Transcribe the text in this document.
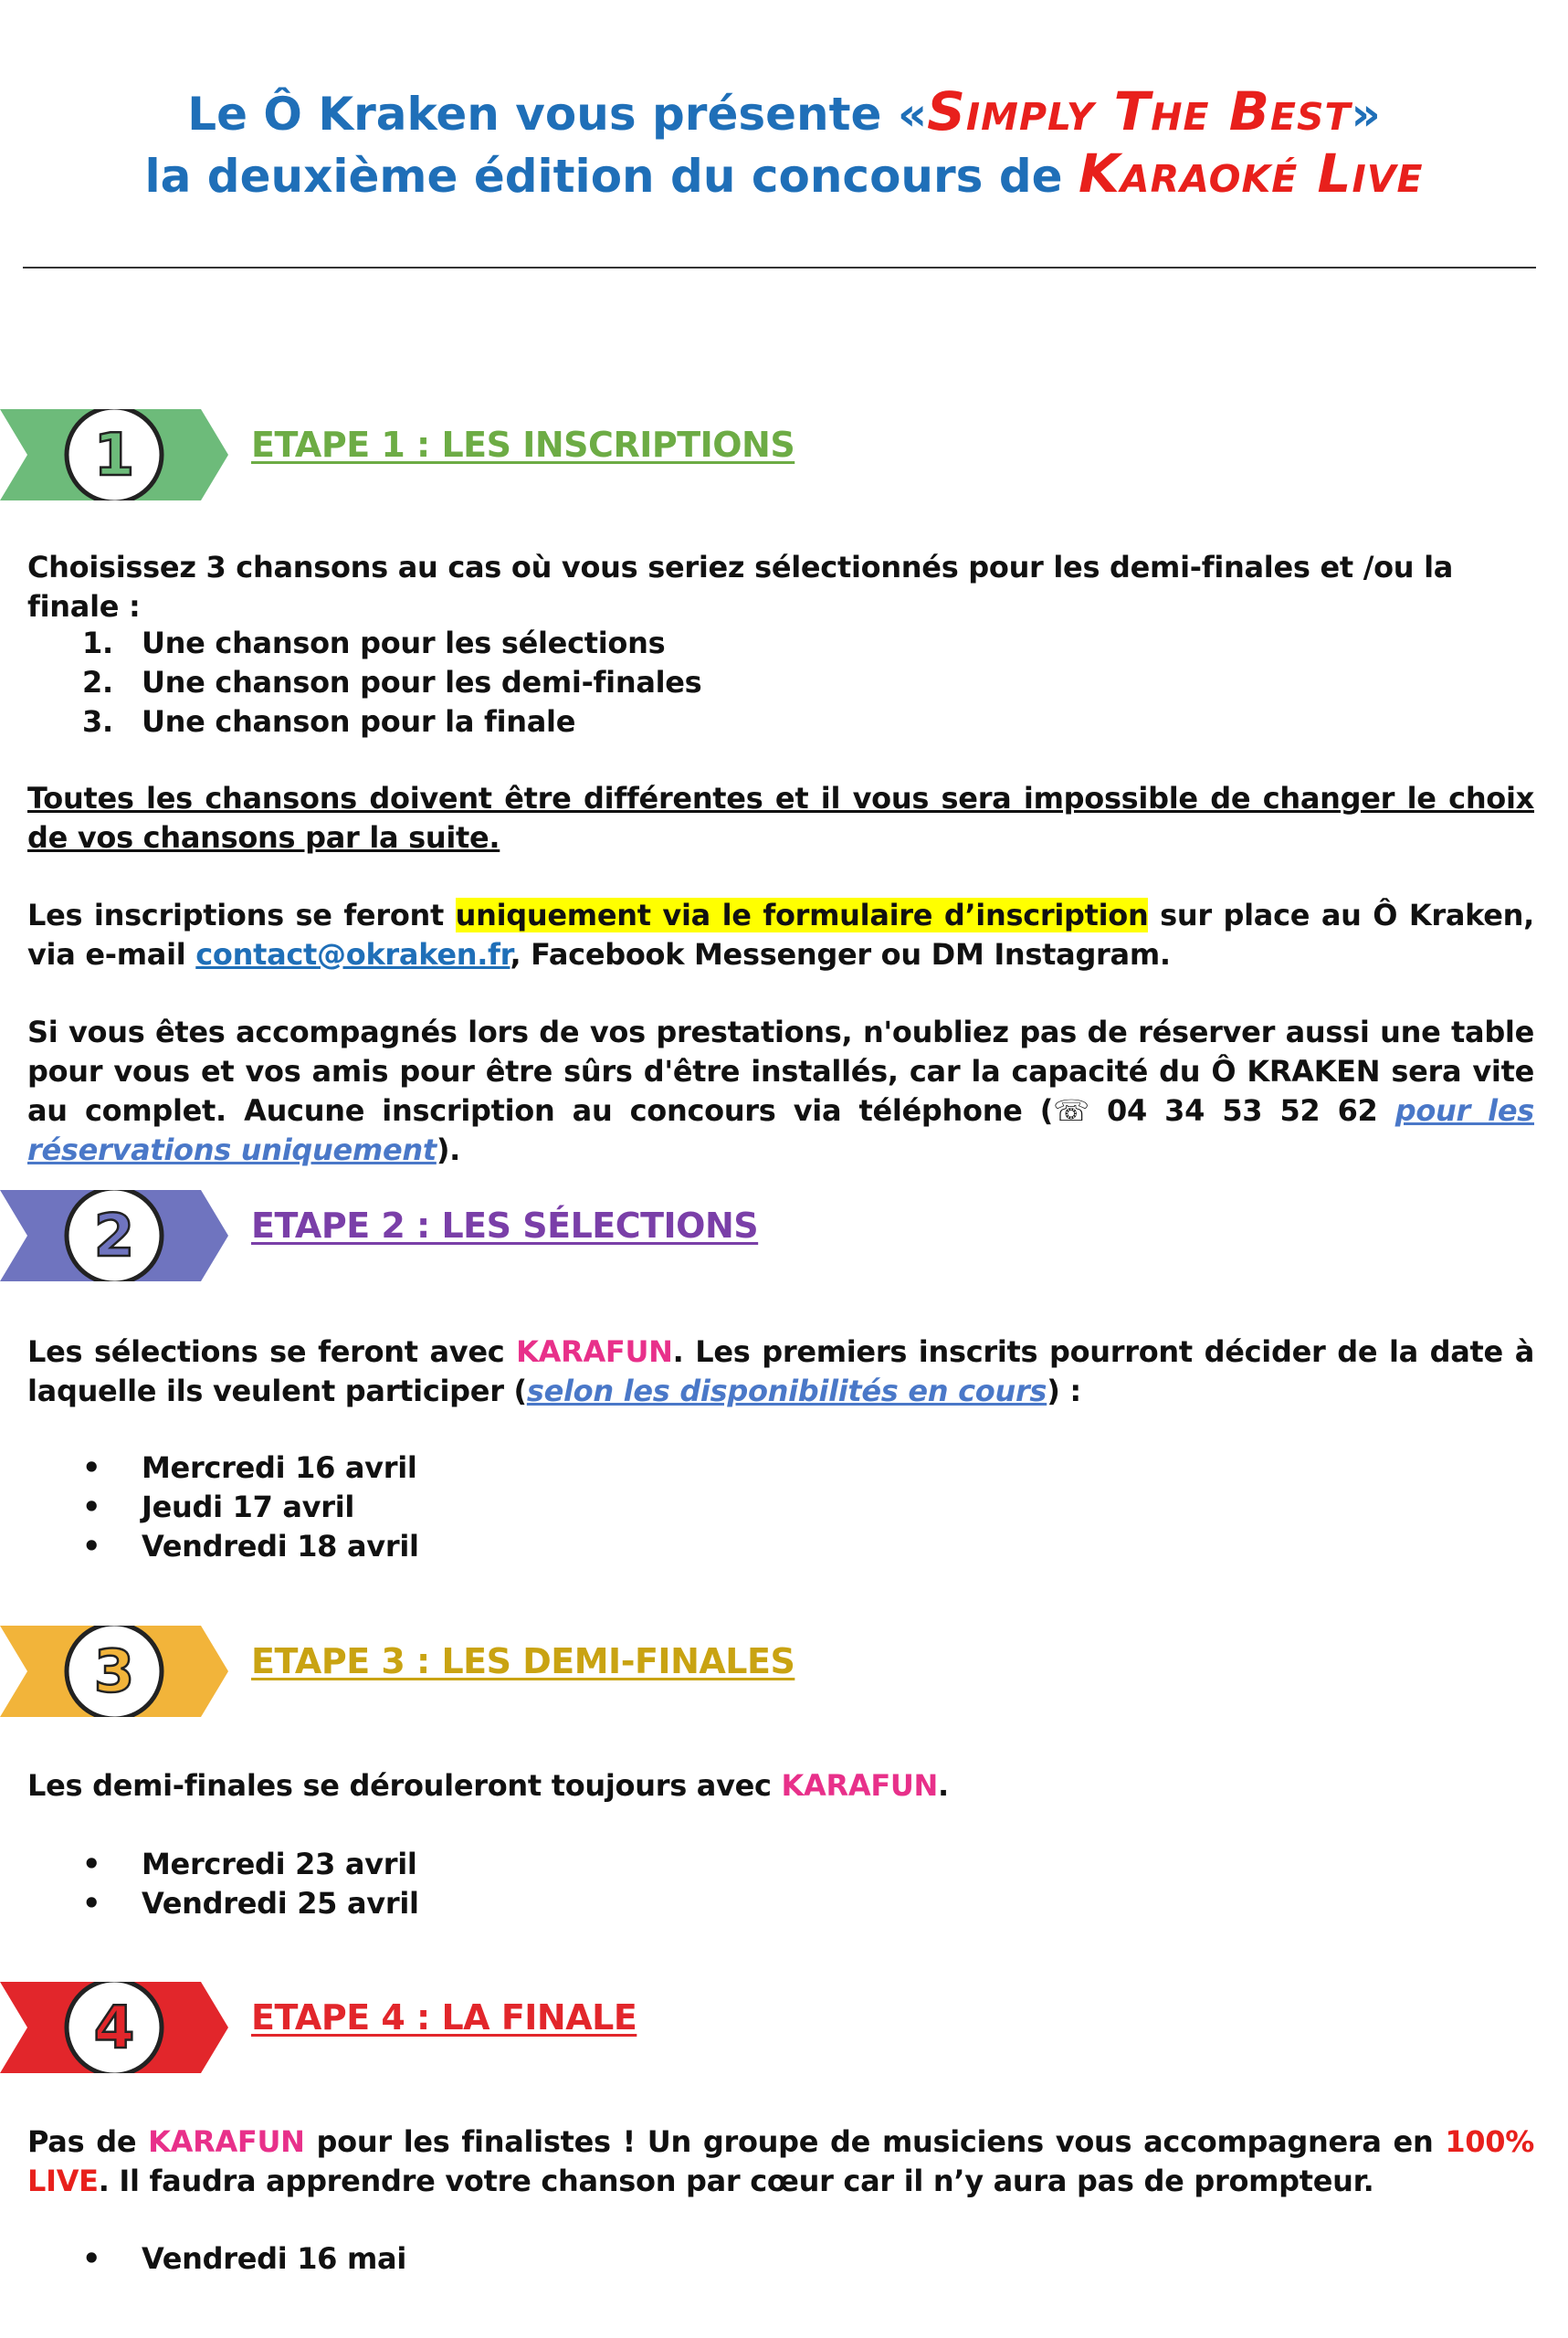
Le Ô Kraken vous présente «Simply The Best»
la deuxième édition du concours de Karaoké Live
1	ETAPE 1 : LES INSCRIPTIONS
Choisissez 3 chansons au cas où vous seriez sélectionnés pour les demi-finales et /ou la finale :
1. Une chanson pour les sélections
2. Une chanson pour les demi-finales
3. Une chanson pour la finale
Toutes les chansons doivent être différentes et il vous sera impossible de changer le choix de vos chansons par la suite.
Les inscriptions se feront uniquement via le formulaire d’inscription sur place au Ô Kraken, via e-mail contact@okraken.fr, Facebook Messenger ou DM Instagram.
Si vous êtes accompagnés lors de vos prestations, n'oubliez pas de réserver aussi une table pour vous et vos amis pour être sûrs d'être installés, car la capacité du Ô KRAKEN sera vite au complet. Aucune inscription au concours via téléphone (☏ 04 34 53 52 62 pour les réservations uniquement).
2	ETAPE 2 : LES SÉLECTIONS
Les sélections se feront avec KARAFUN. Les premiers inscrits pourront décider de la date à laquelle ils veulent participer (selon les disponibilités en cours) :
• Mercredi 16 avril
• Jeudi 17 avril
• Vendredi 18 avril
3	ETAPE 3 : LES DEMI-FINALES
Les demi-finales se dérouleront toujours avec KARAFUN.
• Mercredi 23 avril
• Vendredi 25 avril
4	ETAPE 4 : LA FINALE
Pas de KARAFUN pour les finalistes ! Un groupe de musiciens vous accompagnera en 100% LIVE. Il faudra apprendre votre chanson par cœur car il n’y aura pas de prompteur.
• Vendredi 16 mai
